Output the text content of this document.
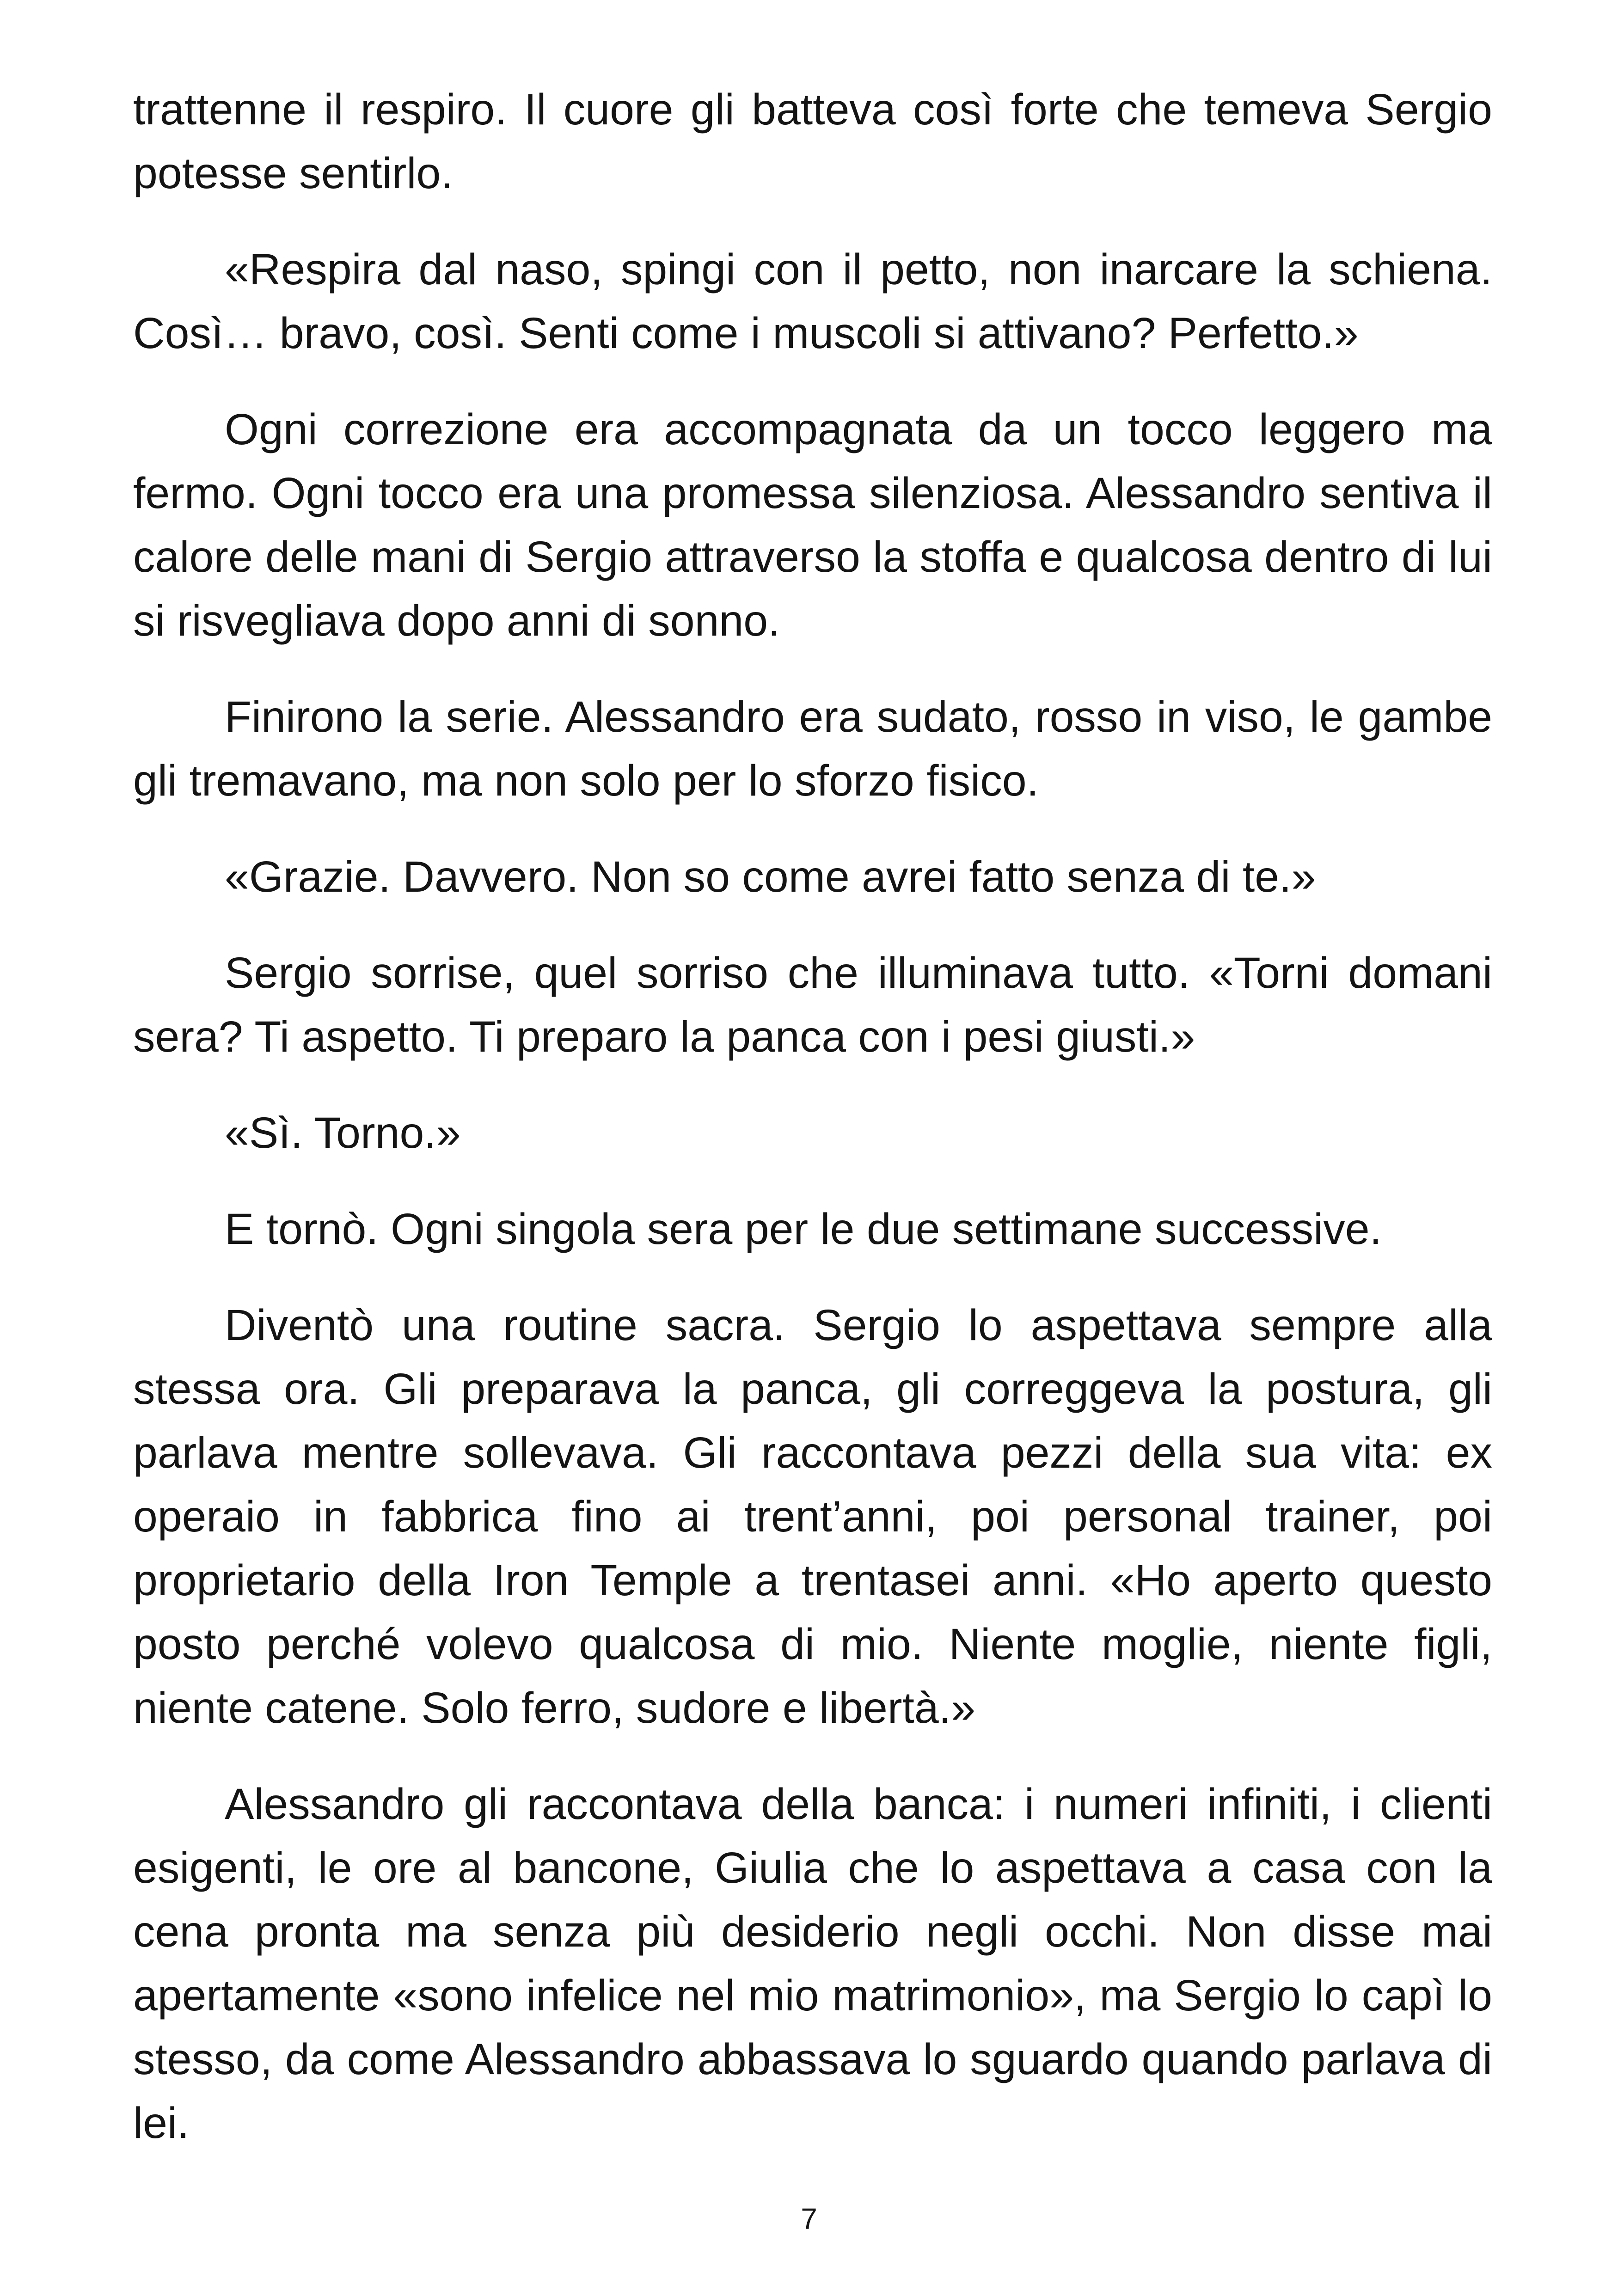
trattenne il respiro. Il cuore gli batteva così forte che temeva Sergio potesse sentirlo.

«Respira dal naso, spingi con il petto, non inarcare la schiena. Così… bravo, così. Senti come i muscoli si attivano? Perfetto.»

Ogni correzione era accompagnata da un tocco leggero ma fermo. Ogni tocco era una promessa silenziosa. Alessandro sentiva il calore delle mani di Sergio attraverso la stoffa e qualcosa dentro di lui si risvegliava dopo anni di sonno.

Finirono la serie. Alessandro era sudato, rosso in viso, le gambe gli tremavano, ma non solo per lo sforzo fisico.

«Grazie. Davvero. Non so come avrei fatto senza di te.»

Sergio sorrise, quel sorriso che illuminava tutto. «Torni domani sera? Ti aspetto. Ti preparo la panca con i pesi giusti.»

«Sì. Torno.»

E tornò. Ogni singola sera per le due settimane successive.

Diventò una routine sacra. Sergio lo aspettava sempre alla stessa ora. Gli preparava la panca, gli correggeva la postura, gli parlava mentre sollevava. Gli raccontava pezzi della sua vita: ex operaio in fabbrica fino ai trent’anni, poi personal trainer, poi proprietario della Iron Temple a trentasei anni. «Ho aperto questo posto perché volevo qualcosa di mio. Niente moglie, niente figli, niente catene. Solo ferro, sudore e libertà.»

Alessandro gli raccontava della banca: i numeri infiniti, i clienti esigenti, le ore al bancone, Giulia che lo aspettava a casa con la cena pronta ma senza più desiderio negli occhi. Non disse mai apertamente «sono infelice nel mio matrimonio», ma Sergio lo capì lo stesso, da come Alessandro abbassava lo sguardo quando parlava di lei.

7
